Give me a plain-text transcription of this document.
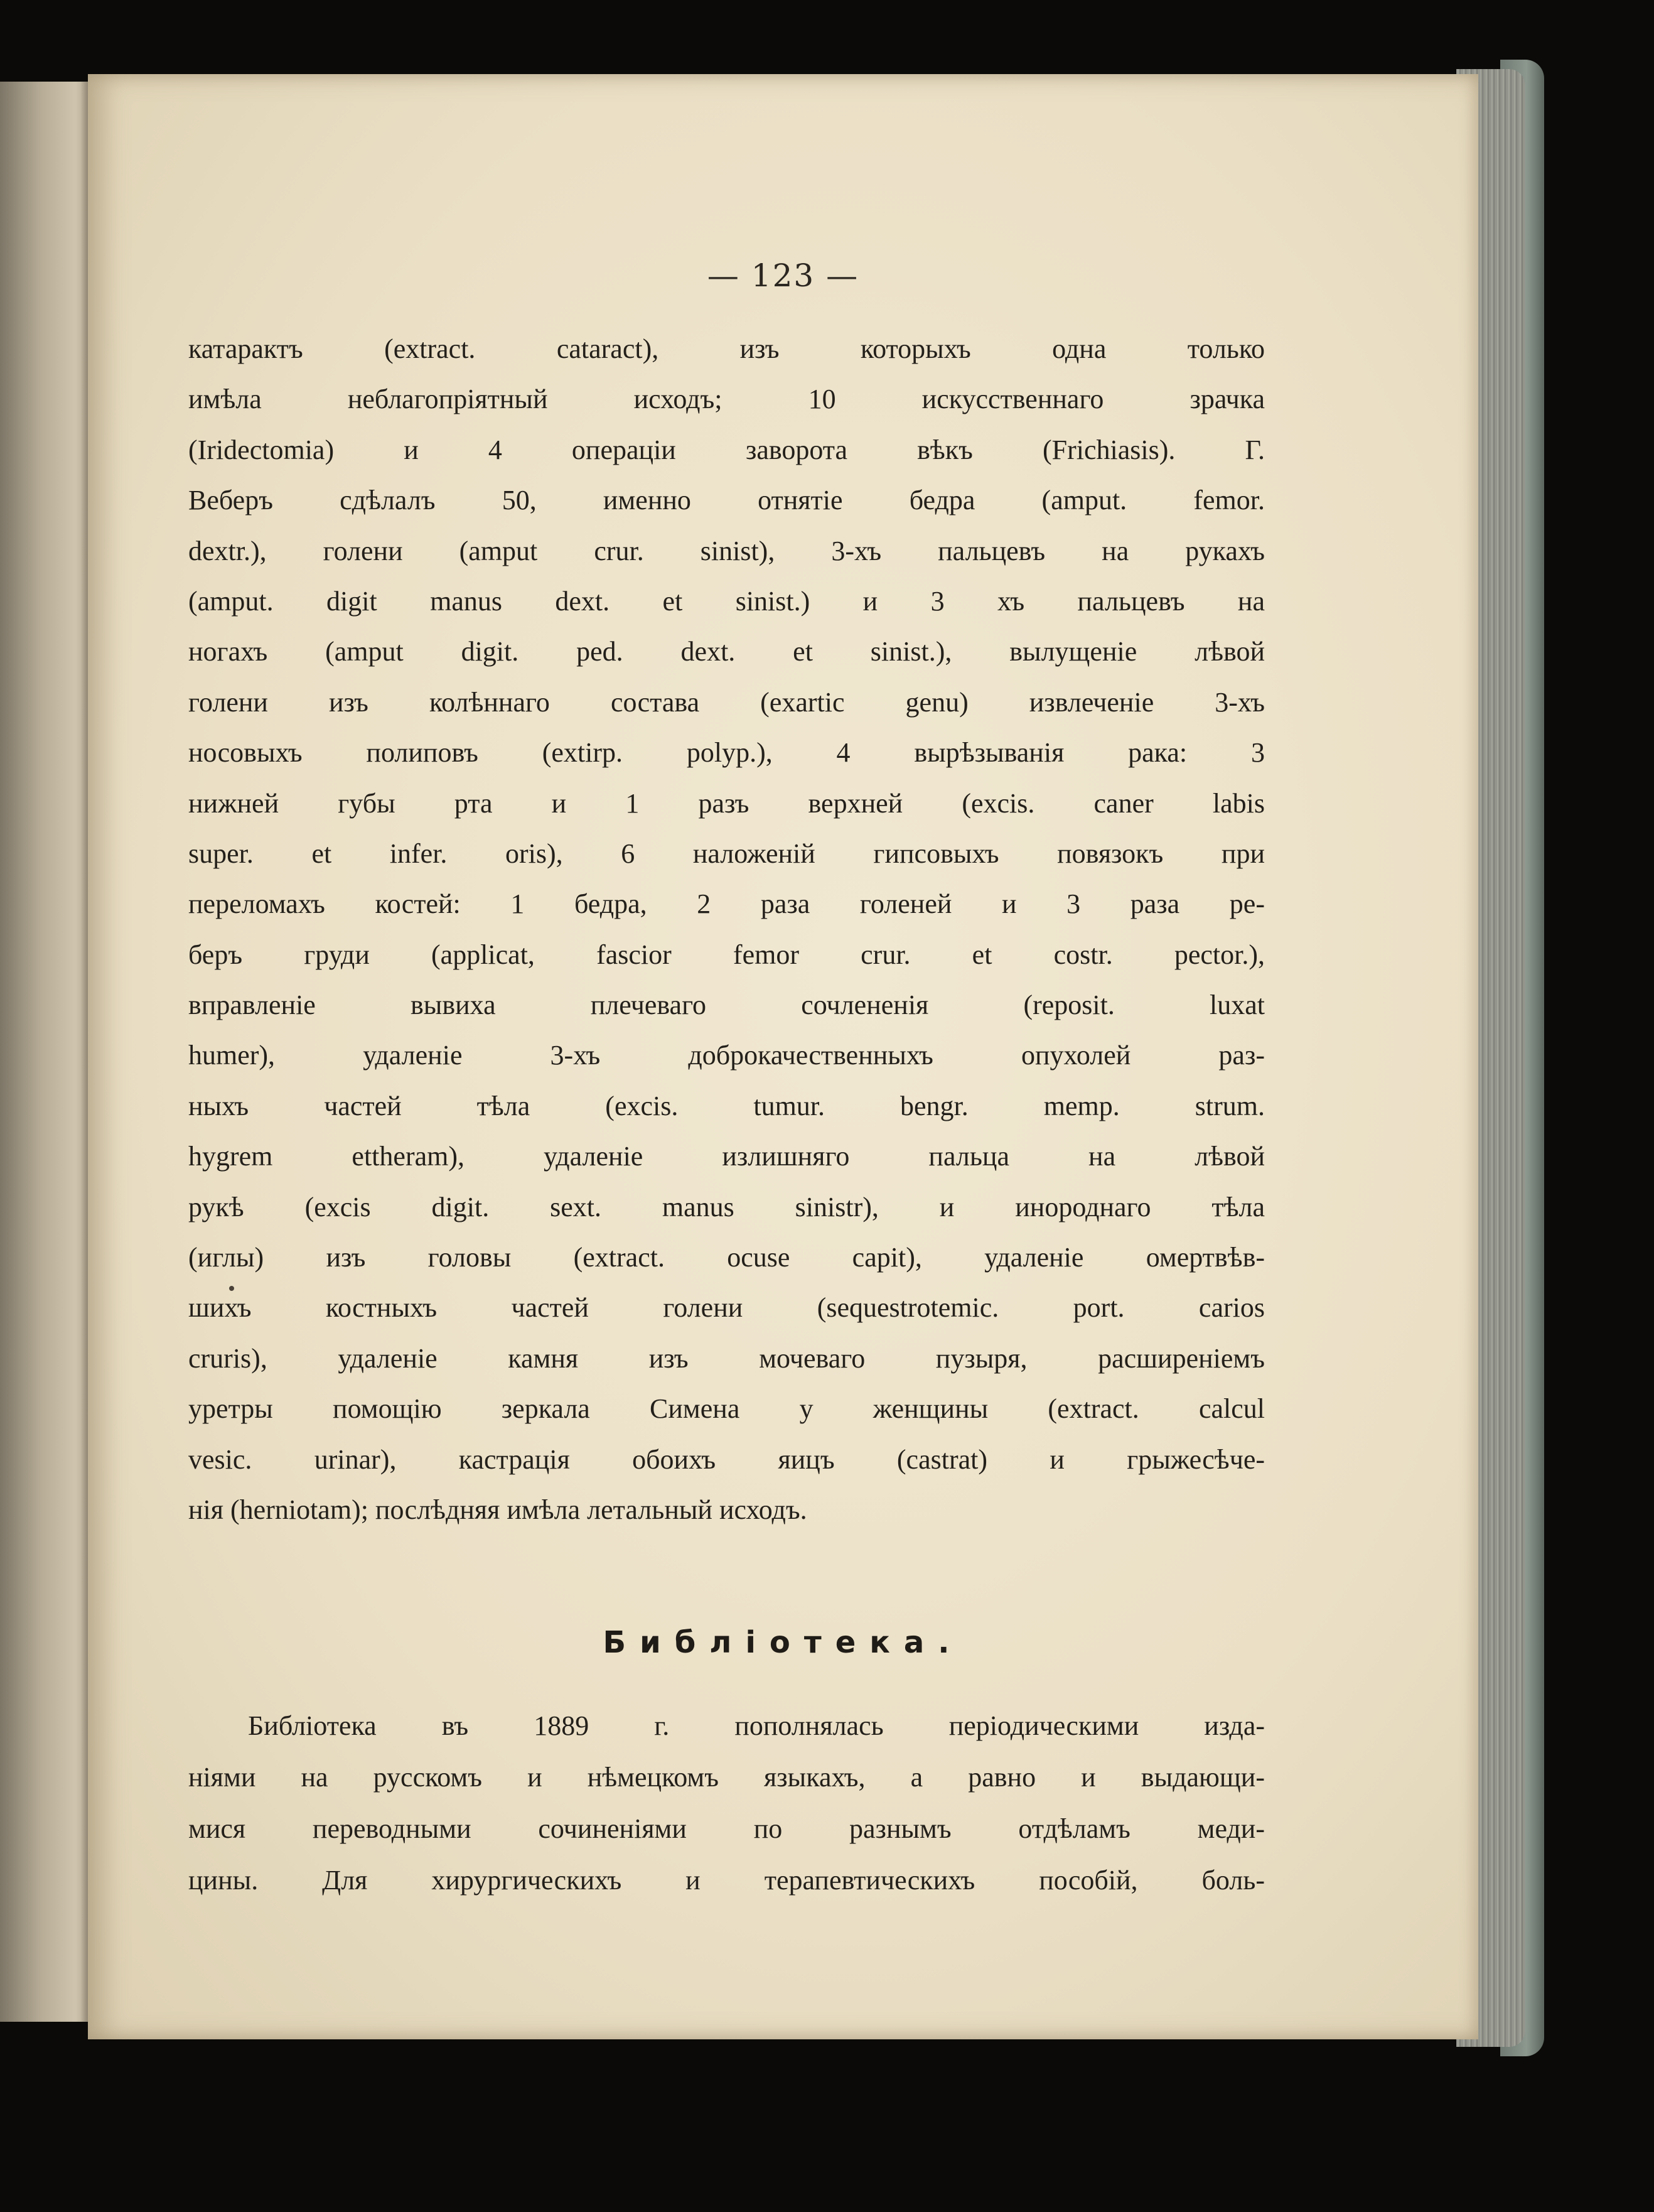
— 123 —
катарактъ (extract. cataract), изъ которыхъ одна только
имѣла неблагопріятный исходъ; 10 искусственнаго зрачка
(Iridectomia) и 4 операціи заворота вѣкъ (Frichiasis). Г.
Веберъ сдѣлалъ 50, именно отнятіе бедра (amput. femor.
dextr.), голени (amput crur. sinist), 3-хъ пальцевъ на рукахъ
(amput. digit manus dext. et sinist.) и 3 хъ пальцевъ на
ногахъ (amput digit. ped. dext. et sinist.), вылущеніе лѣвой
голени изъ колѣннаго состава (exartic genu) извлеченіе 3-хъ
носовыхъ полиповъ (extirp. polyp.), 4 вырѣзыванія рака: 3
нижней губы рта и 1 разъ верхней (excis. caner labis
super. et infer. oris), 6 наложеній гипсовыхъ повязокъ при
переломахъ костей: 1 бедра, 2 раза голеней и 3 раза ре-
беръ груди (applicat, fascior femor crur. et costr. pector.),
вправленіе вывиха плечеваго сочлененія (reposit. luxat
humer), удаленіе 3-хъ доброкачественныхъ опухолей раз-
ныхъ частей тѣла (excis. tumur. bengr. memp. strum.
hygrem ettheram), удаленіе излишняго пальца на лѣвой
рукѣ (excis digit. sext. manus sinistr), и инороднаго тѣла
(иглы) изъ головы (extract. ocuse capit), удаленіе омертвѣв-
шихъ костныхъ частей голени (sequestrotemic. port. carios
cruris), удаленіе камня изъ мочеваго пузыря, расширеніемъ
уретры помощію зеркала Симена у женщины (extract. calcul
vesic. urinar), кастрація обоихъ яицъ (castrat) и грыжесѣче-
нія (herniotam); послѣдняя имѣла летальный исходъ.
Библіотека.
Библіотека въ 1889 г. пополнялась періодическими изда-
ніями на русскомъ и нѣмецкомъ языкахъ, а равно и выдающи-
мися переводными сочиненіями по разнымъ отдѣламъ меди-
цины. Для хирургическихъ и терапевтическихъ пособій, боль-
